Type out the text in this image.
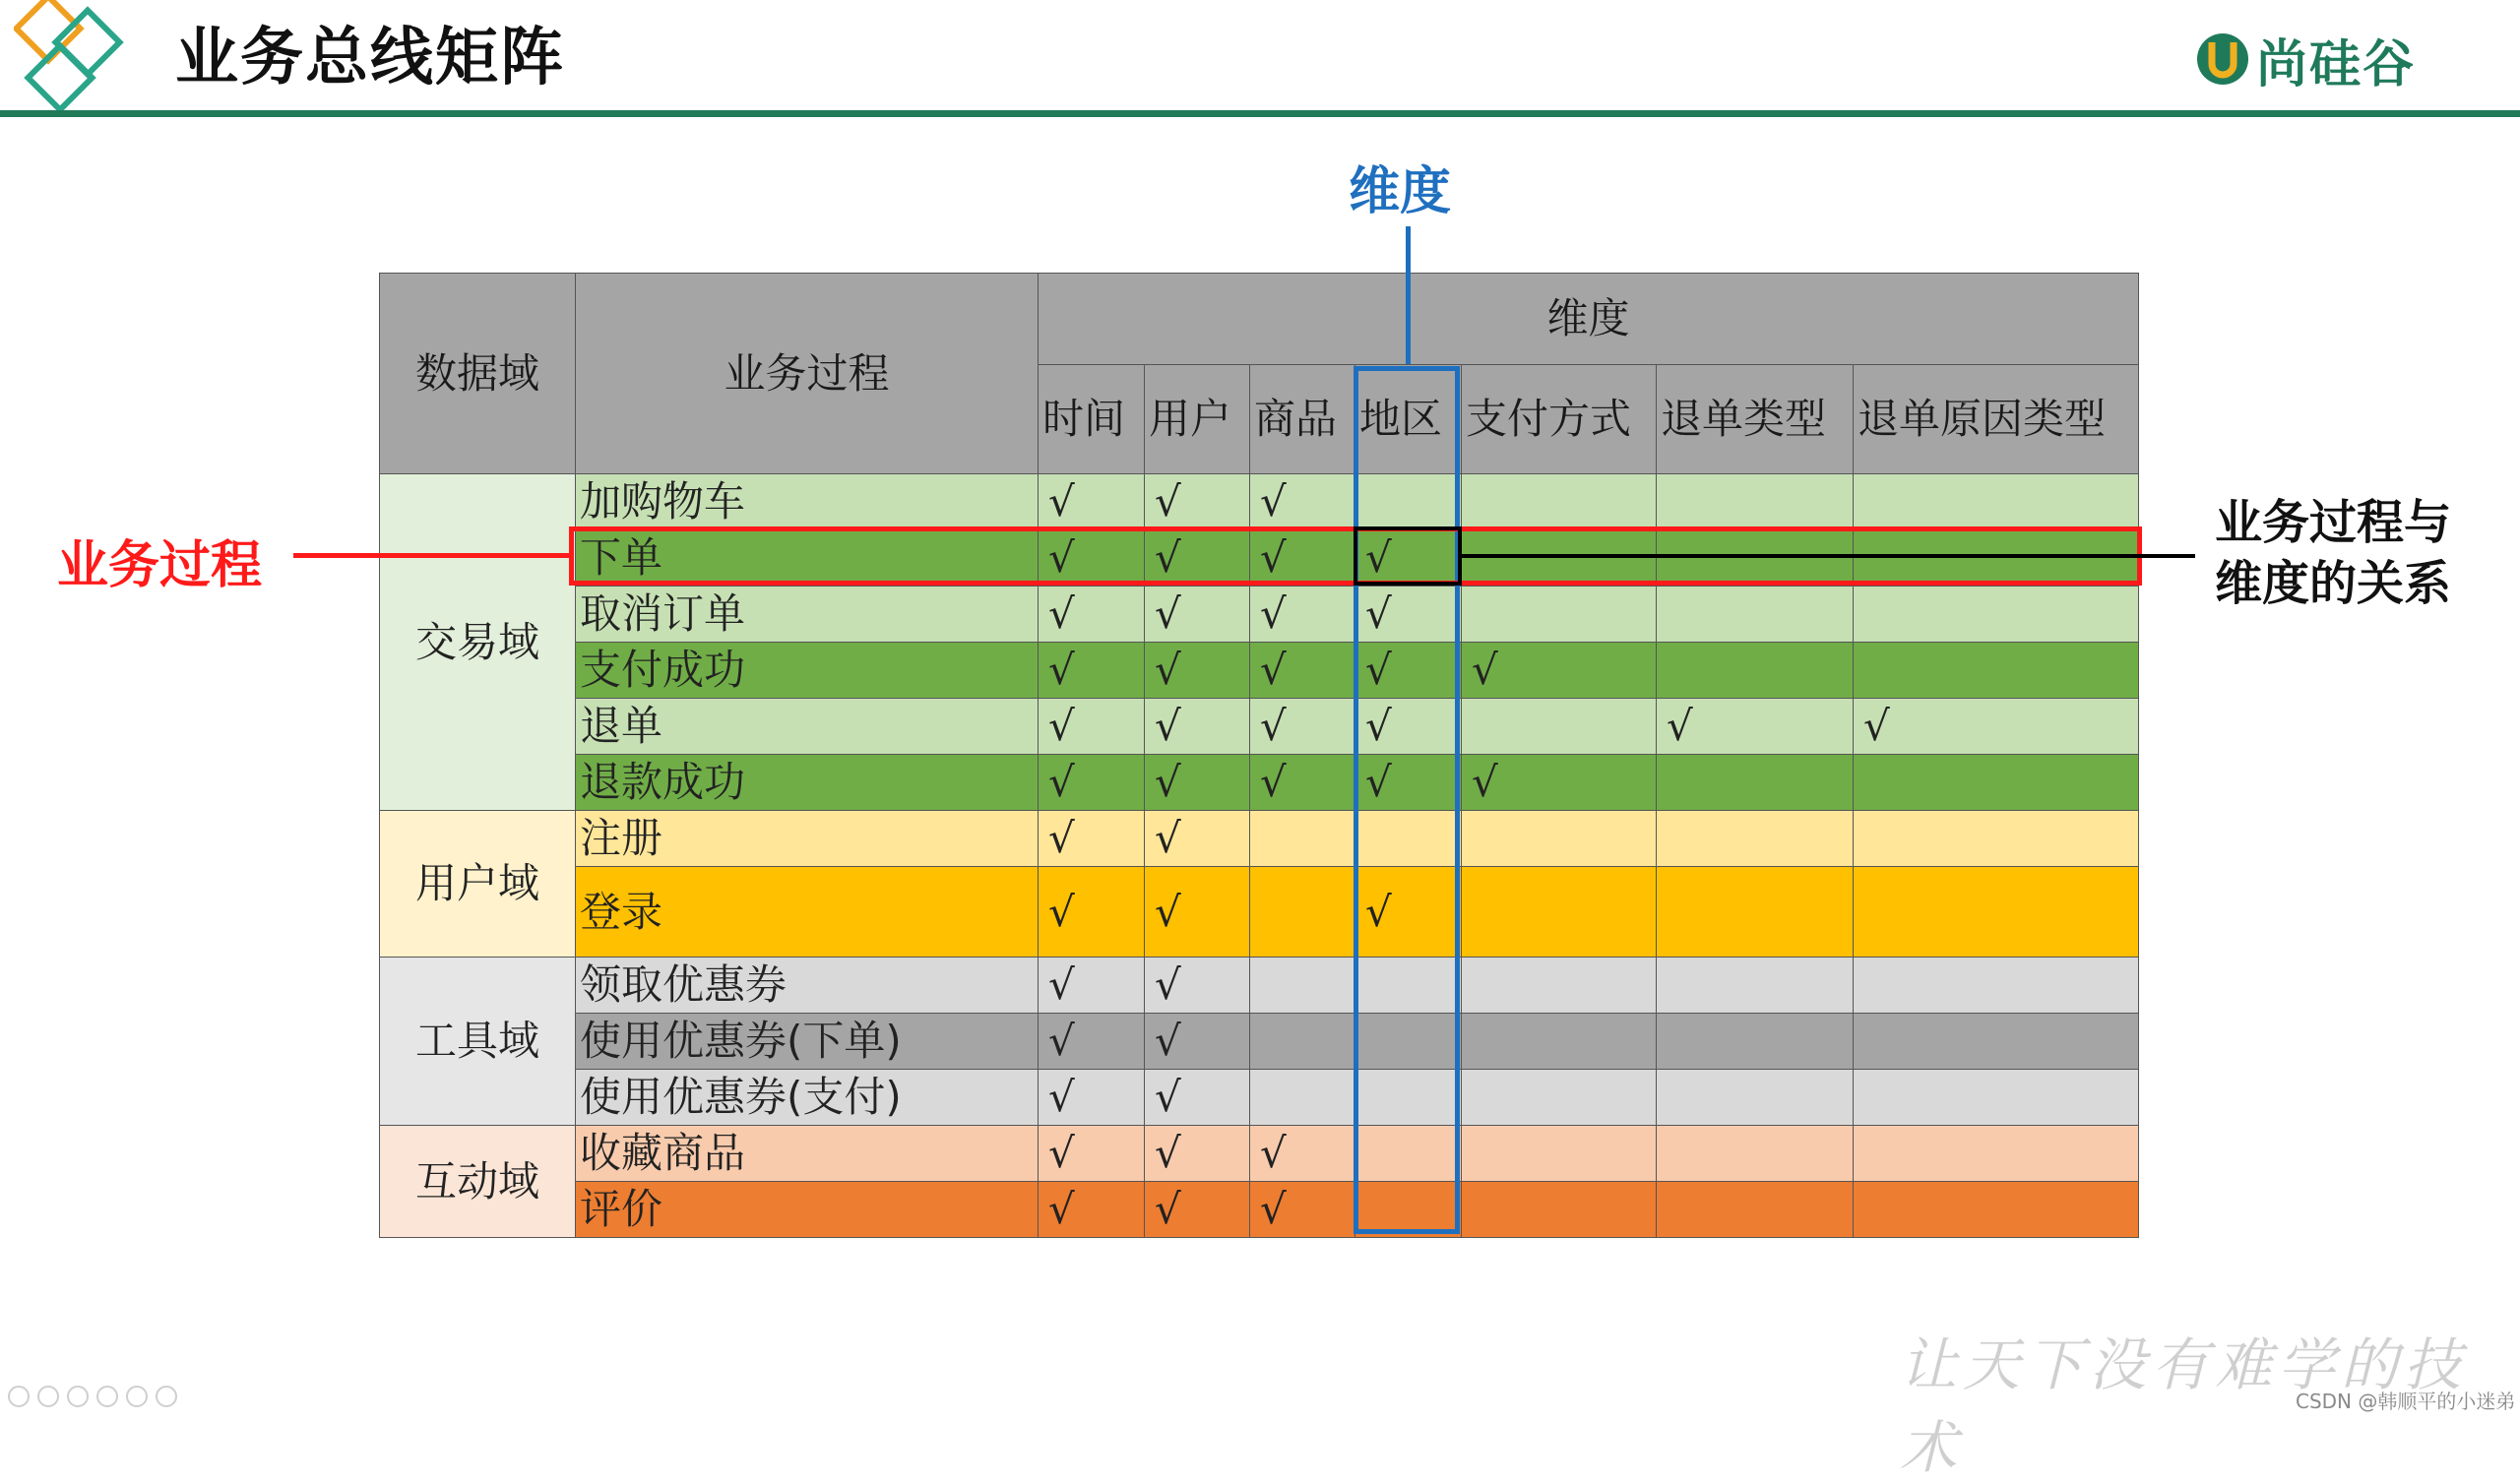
业务总线矩阵	尚硅谷
数据域	业务过程	维度						
		时间	用户	商品	地区	支付方式	退单类型	退单原因类型
交易域	加购物车	√	√	√				
	下单	√	√	√	√			
	取消订单	√	√	√	√			
	支付成功	√	√	√	√	√		
	退单	√	√	√	√		√	√
	退款成功	√	√	√	√	√		
用户域	注册	√	√					
	登录	√	√		√			
工具域	领取优惠券	√	√					
	使用优惠券(下单)	√	√					
	使用优惠券(支付)	√	√					
互动域	收藏商品	√	√	√				
	评价	√	√	√				
维度
业务过程
业务过程与
维度的关系
让天下没有难学的技术
CSDN @韩顺平的小迷弟
